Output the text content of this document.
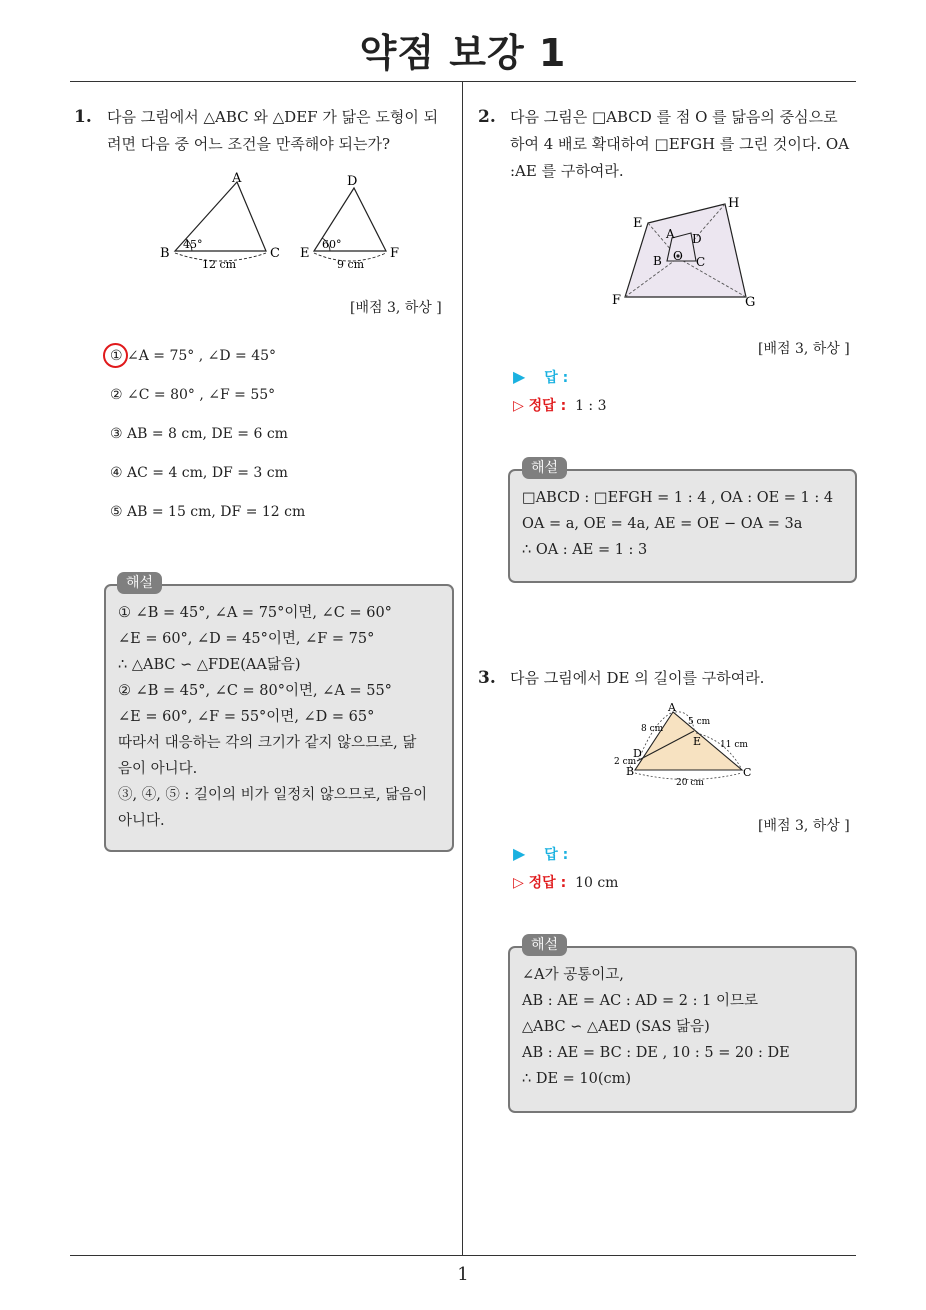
약점 보강 1
1
1. 다음 그림에서 △ABC 와 △DEF 가 닮은 도형이 되
려면 다음 중 어느 조건을 만족해야 되는가?
A
B	C
45°
12 cm
D
E	F
60°
9 cm
[배점 3, 하상 ]
① ∠A = 75° , ∠D = 45°
② ∠C = 80° , ∠F = 55°
③ AB = 8 cm, DE = 6 cm
④ AC = 4 cm, DF = 3 cm
⑤ AB = 15 cm, DF = 12 cm
① ∠B = 45°, ∠A = 75°이면, ∠C = 60°
∠E = 60°, ∠D = 45°이면, ∠F = 75°
∴ △ABC ∽ △FDE(AA닮음)
② ∠B = 45°, ∠C = 80°이면, ∠A = 55°
∠E = 60°, ∠F = 55°이면, ∠D = 65°
따라서 대응하는 각의 크기가 같지 않으므로, 닮
음이 아니다.
③, ④, ⑤ : 길이의 비가 일정치 않으므로, 닮음이
아니다.
해설
2. 다음 그림은 □ABCD 를 점 O 를 닮음의 중심으로
하여 4 배로 확대하여 □EFGH 를 그린 것이다. OA
:AE 를 구하여라.
E
H
A D
B O C
F	G
[배점 3, 하상 ]
▶ 답 :
▷ 정답 : 1 : 3
□ABCD : □EFGH = 1 : 4 , OA : OE = 1 : 4
OA = a, OE = 4a, AE = OE − OA = 3a
∴ OA : AE = 1 : 3
해설
3. 다음 그림에서 DE 의 길이를 구하여라.
A
B	C
D
E
8 cm
5 cm
11 cm
2 cm
20 cm
[배점 3, 하상 ]
▶ 답 :
▷ 정답 : 10 cm
∠A가 공통이고,
AB : AE = AC : AD = 2 : 1 이므로
△ABC ∽ △AED (SAS 닮음)
AB : AE = BC : DE , 10 : 5 = 20 : DE
∴ DE = 10(cm)
해설
